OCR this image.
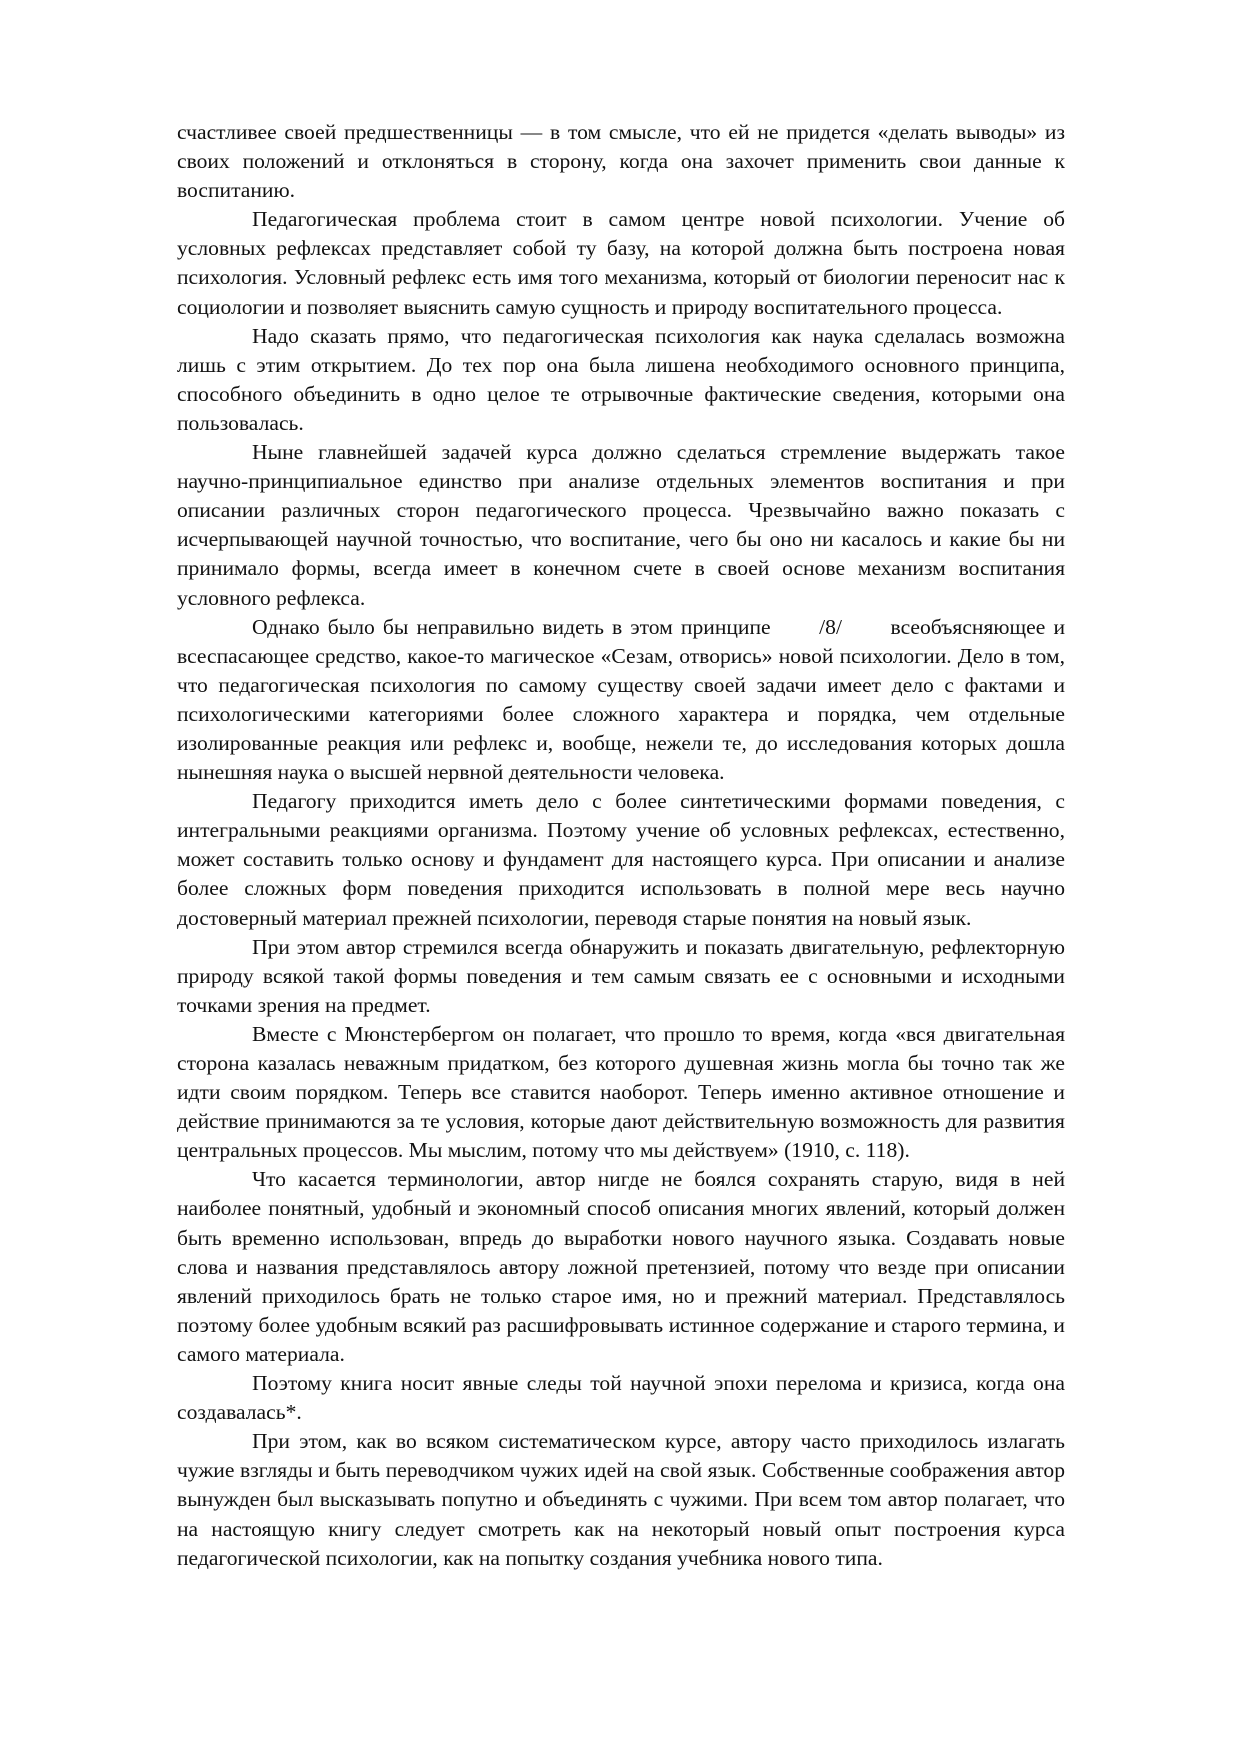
счастливее своей предшественницы — в том смысле, что ей не придется «делать выводы» из своих положений и отклоняться в сторону, когда она захочет применить свои данные к воспитанию.

Педагогическая проблема стоит в самом центре новой психологии. Учение об условных рефлексах представляет собой ту базу, на которой должна быть построена новая психология. Условный рефлекс есть имя того механизма, который от биологии переносит нас к социологии и позволяет выяснить самую сущность и природу воспитательного процесса.

Надо сказать прямо, что педагогическая психология как наука сделалась возможна лишь с этим открытием. До тех пор она была лишена необходимого основного принципа, способного объединить в одно целое те отрывочные фактические сведения, которыми она пользовалась.

Ныне главнейшей задачей курса должно сделаться стремление выдержать такое научно-принципиальное единство при анализе отдельных элементов воспитания и при описании различных сторон педагогического процесса. Чрезвычайно важно показать с исчерпывающей научной точностью, что воспитание, чего бы оно ни касалось и какие бы ни принимало формы, всегда имеет в конечном счете в своей основе механизм воспитания условного рефлекса.

Однако было бы неправильно видеть в этом принципе      /8/      всеобъясняющее и всеспасающее средство, какое-то магическое «Сезам, отворись» новой психологии. Дело в том, что педагогическая психология по самому существу своей задачи имеет дело с фактами и психологическими категориями более сложного характера и порядка, чем отдельные изолированные реакция или рефлекс и, вообще, нежели те, до исследования которых дошла нынешняя наука о высшей нервной деятельности человека.

Педагогу приходится иметь дело с более синтетическими формами поведения, с интегральными реакциями организма. Поэтому учение об условных рефлексах, естественно, может составить только основу и фундамент для настоящего курса. При описании и анализе более сложных форм поведения приходится использовать в полной мере весь научно достоверный материал прежней психологии, переводя старые понятия на новый язык.

При этом автор стремился всегда обнаружить и показать двигательную, рефлекторную природу всякой такой формы поведения и тем самым связать ее с основными и исходными точками зрения на предмет.

Вместе с Мюнстербергом он полагает, что прошло то время, когда «вся двигательная сторона казалась неважным придатком, без которого душевная жизнь могла бы точно так же идти своим порядком. Теперь все ставится наоборот. Теперь именно активное отношение и действие принимаются за те условия, которые дают действительную возможность для развития центральных процессов. Мы мыслим, потому что мы действуем» (1910, с. 118).

Что касается терминологии, автор нигде не боялся сохранять старую, видя в ней наиболее понятный, удобный и экономный способ описания многих явлений, который должен быть временно использован, впредь до выработки нового научного языка. Создавать новые слова и названия представлялось автору ложной претензией, потому что везде при описании явлений приходилось брать не только старое имя, но и прежний материал. Представлялось поэтому более удобным всякий раз расшифровывать истинное содержание и старого термина, и самого материала.

Поэтому книга носит явные следы той научной эпохи перелома и кризиса, когда она создавалась*.

При этом, как во всяком систематическом курсе, автору часто приходилось излагать чужие взгляды и быть переводчиком чужих идей на свой язык. Собственные соображения автор вынужден был высказывать попутно и объединять с чужими. При всем том автор полагает, что на настоящую книгу следует смотреть как на некоторый новый опыт построения курса педагогической психологии, как на попытку создания учебника нового типа.
